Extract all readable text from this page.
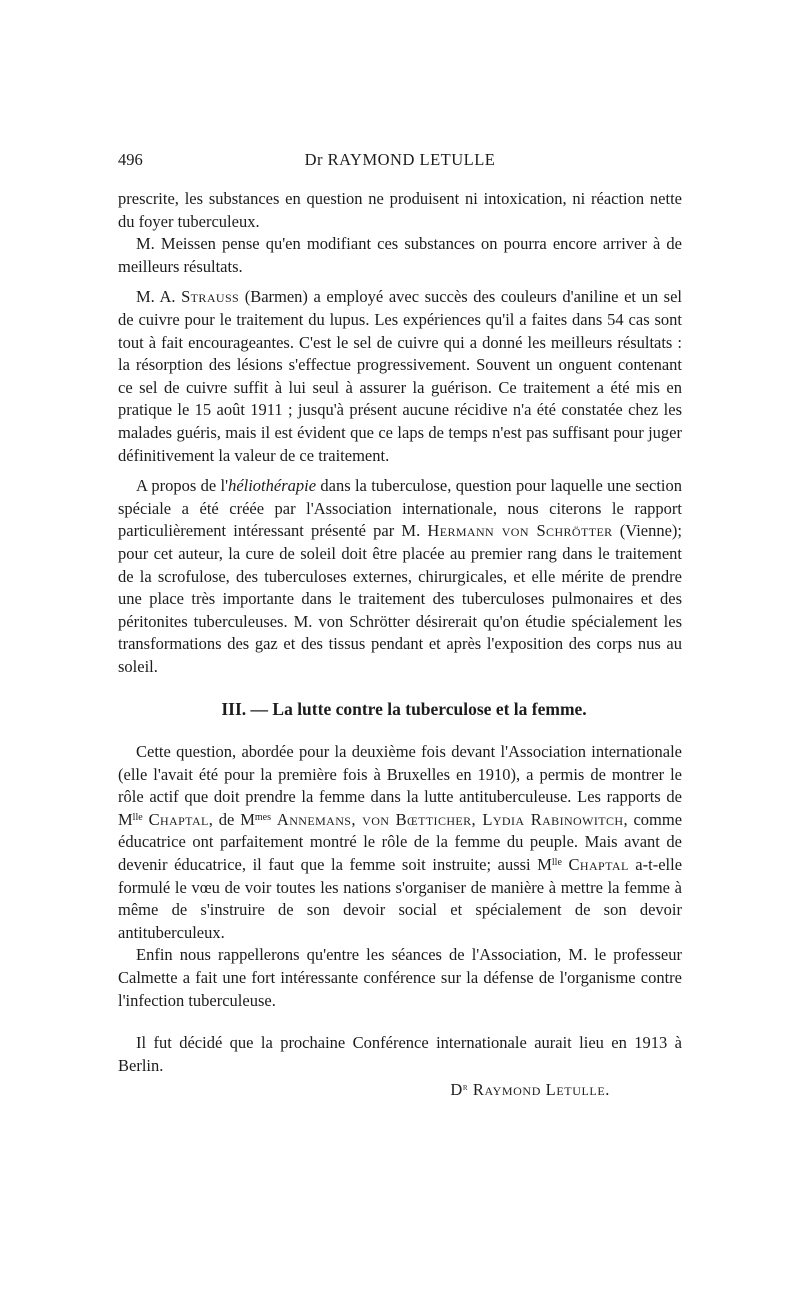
496	Dr RAYMOND LETULLE

prescrite, les substances en question ne produisent ni intoxication, ni réaction nette du foyer tuberculeux.

M. Meissen pense qu'en modifiant ces substances on pourra encore arriver à de meilleurs résultats.

M. A. Strauss (Barmen) a employé avec succès des couleurs d'aniline et un sel de cuivre pour le traitement du lupus. Les expériences qu'il a faites dans 54 cas sont tout à fait encourageantes. C'est le sel de cuivre qui a donné les meilleurs résultats : la résorption des lésions s'effectue progressivement. Souvent un onguent contenant ce sel de cuivre suffit à lui seul à assurer la guérison. Ce traitement a été mis en pratique le 15 août 1911 ; jusqu'à présent aucune récidive n'a été constatée chez les malades guéris, mais il est évident que ce laps de temps n'est pas suffisant pour juger définitivement la valeur de ce traitement.

A propos de l'héliothérapie dans la tuberculose, question pour laquelle une section spéciale a été créée par l'Association internationale, nous citerons le rapport particulièrement intéressant présenté par M. Hermann von Schrötter (Vienne); pour cet auteur, la cure de soleil doit être placée au premier rang dans le traitement de la scrofulose, des tuberculoses externes, chirurgicales, et elle mérite de prendre une place très importante dans le traitement des tuberculoses pulmonaires et des péritonites tuberculeuses. M. von Schrötter désirerait qu'on étudie spécialement les transformations des gaz et des tissus pendant et après l'exposition des corps nus au soleil.

III. — La lutte contre la tuberculose et la femme.

Cette question, abordée pour la deuxième fois devant l'Association internationale (elle l'avait été pour la première fois à Bruxelles en 1910), a permis de montrer le rôle actif que doit prendre la femme dans la lutte antituberculeuse. Les rapports de $M^{lle}$ Chaptal, de $M^{mes}$ Annemans, von Bœtticher, Lydia Rabinowitch, comme éducatrice ont parfaitement montré le rôle de la femme du peuple. Mais avant de devenir éducatrice, il faut que la femme soit instruite; aussi $M^{lle}$ Chaptal a-t-elle formulé le vœu de voir toutes les nations s'organiser de manière à mettre la femme à même de s'instruire de son devoir social et spécialement de son devoir antituberculeux.

Enfin nous rappellerons qu'entre les séances de l'Association, M. le professeur Calmette a fait une fort intéressante conférence sur la défense de l'organisme contre l'infection tuberculeuse.

Il fut décidé que la prochaine Conférence internationale aurait lieu en 1913 à Berlin.

$D^r$ Raymond Letulle.
